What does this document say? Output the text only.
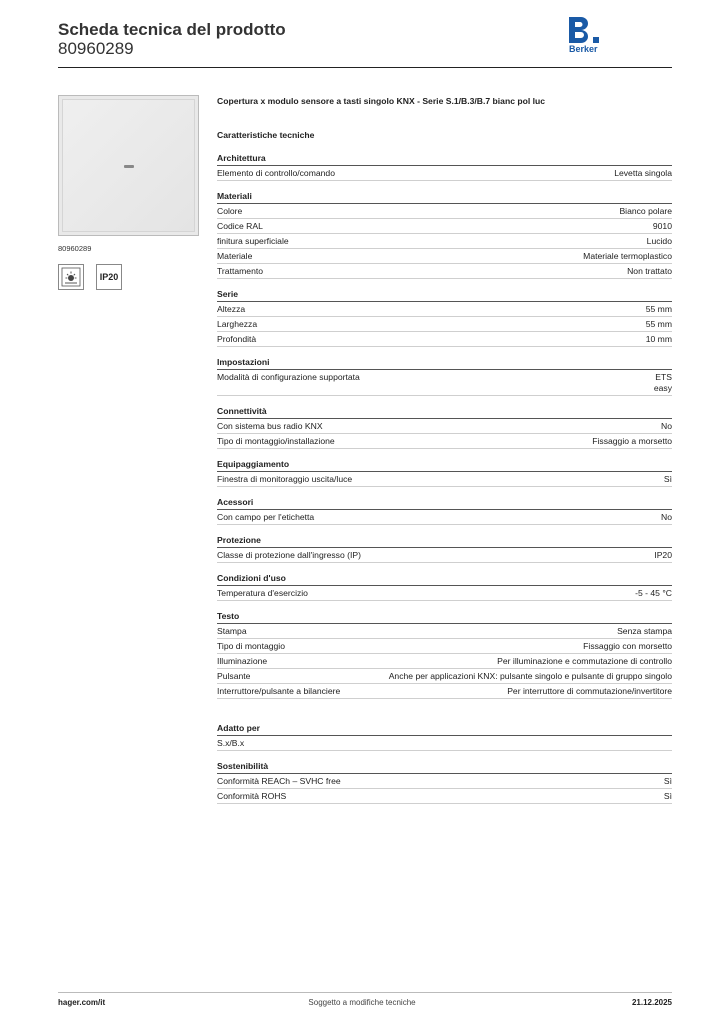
Scheda tecnica del prodotto
80960289	Berker
80960289
IP20
Copertura x modulo sensore a tasti singolo KNX - Serie S.1/B.3/B.7 bianc pol luc
Caratteristiche tecniche
Architettura
Elemento di controllo/comando	Levetta singola
Materiali
Colore	Bianco polare
Codice RAL	9010
finitura superficiale	Lucido
Materiale	Materiale termoplastico
Trattamento	Non trattato
Serie
Altezza	55 mm
Larghezza	55 mm
Profondità	10 mm
Impostazioni
Modalità di configurazione supportata	ETS
easy
Connettività
Con sistema bus radio KNX	No
Tipo di montaggio/installazione	Fissaggio a morsetto
Equipaggiamento
Finestra di monitoraggio uscita/luce	Sì
Acessori
Con campo per l'etichetta	No
Protezione
Classe di protezione dall'ingresso (IP)	IP20
Condizioni d'uso
Temperatura d'esercizio	-5 - 45 °C
Testo
Stampa	Senza stampa
Tipo di montaggio	Fissaggio con morsetto
Illuminazione	Per illuminazione e commutazione di controllo
Pulsante	Anche per applicazioni KNX: pulsante singolo e pulsante di gruppo singolo
Interruttore/pulsante a bilanciere	Per interruttore di commutazione/invertitore
Adatto per
S.x/B.x
Sostenibilità
Conformità REACh – SVHC free	Sì
Conformità ROHS	Sì
hager.com/it	Soggetto a modifiche tecniche	21.12.2025
